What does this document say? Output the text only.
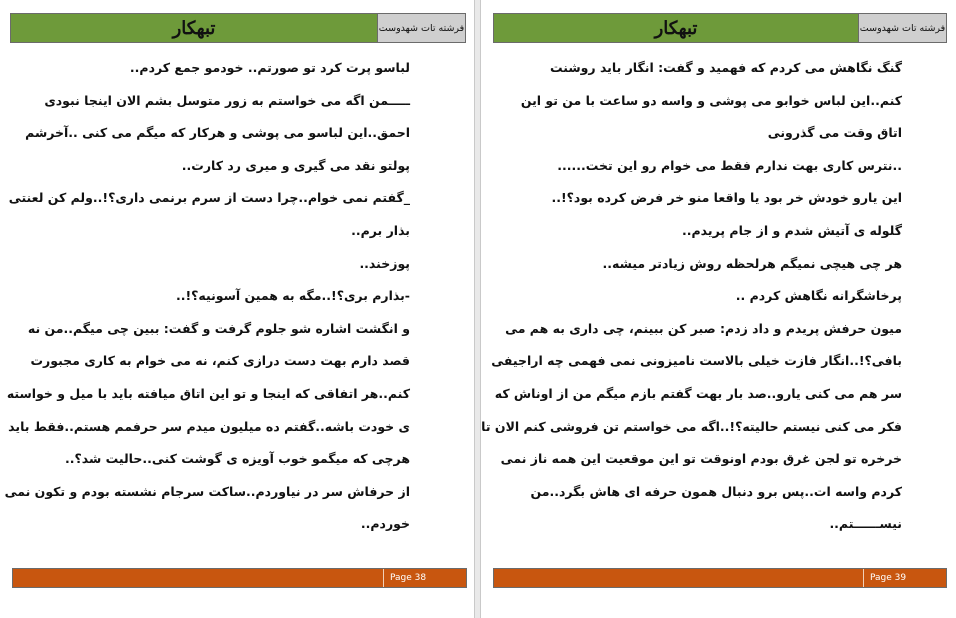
تبهکار	فرشته تات شهدوست
لباسو پرت کرد تو صورتم.. خودمو جمع کردم..
ـــــمن اگه می خواستم به زور متوسل بشم الان اینجا نبودی
احمق..این لباسو می پوشی و هرکار که میگم می کنی ..آخرشم
پولتو نقد می گیری و میری رد کارت..
_گفتم نمی خوام..چرا دست از سرم برنمی داری؟!..ولم کن لعنتی
بذار برم..
پوزخند..
-بذارم بری؟!..مگه به همین آسونیه؟!..
و انگشت اشاره شو جلوم گرفت و گفت: ببین چی میگم..من نه
قصد دارم بهت دست درازی کنم، نه می خوام به کاری مجبورت
کنم..هر اتفاقی که اینجا و تو این اتاق میافته باید با میل و خواسته
ی خودت باشه..گفتم ده میلیون میدم سر حرفمم هستم..فقط باید
هرچی که میگمو خوب آویزه ی گوشت کنی..حالیت شد؟..
از حرفاش سر در نیاوردم..ساکت سرجام نشسته بودم و تکون نمی
خوردم..
Page 38
تبهکار	فرشته تات شهدوست
گنگ نگاهش می کردم که فهمید و گفت: انگار باید روشنت
کنم..این لباس خوابو می پوشی و واسه دو ساعت با من تو این
اتاق وقت می گذرونی
..نترس کاری بهت ندارم فقط می خوام رو این تخت......
این یارو خودش خر بود یا واقعا منو خر فرض کرده بود؟!..
گلوله ی آتیش شدم و از جام پریدم..
هر چی هیچی نمیگم هرلحظه روش زیادتر میشه..
پرخاشگرانه نگاهش کردم ..
میون حرفش پریدم و داد زدم: صبر کن ببینم، چی داری به هم می
بافی؟!..انگار فازت خیلی بالاست نامیزونی نمی فهمی چه اراجیفی
سر هم می کنی یارو..صد بار بهت گفتم بازم میگم من از اوناش که
فکر می کنی نیستم حالیته؟!..اگه می خواستم تن فروشی کنم الان تا
خرخره تو لجن غرق بودم اونوقت تو این موقعیت این همه ناز نمی
کردم واسه ات..پس برو دنبال همون حرفه ای هاش بگرد..من
نیســــــتم..
Page 39
